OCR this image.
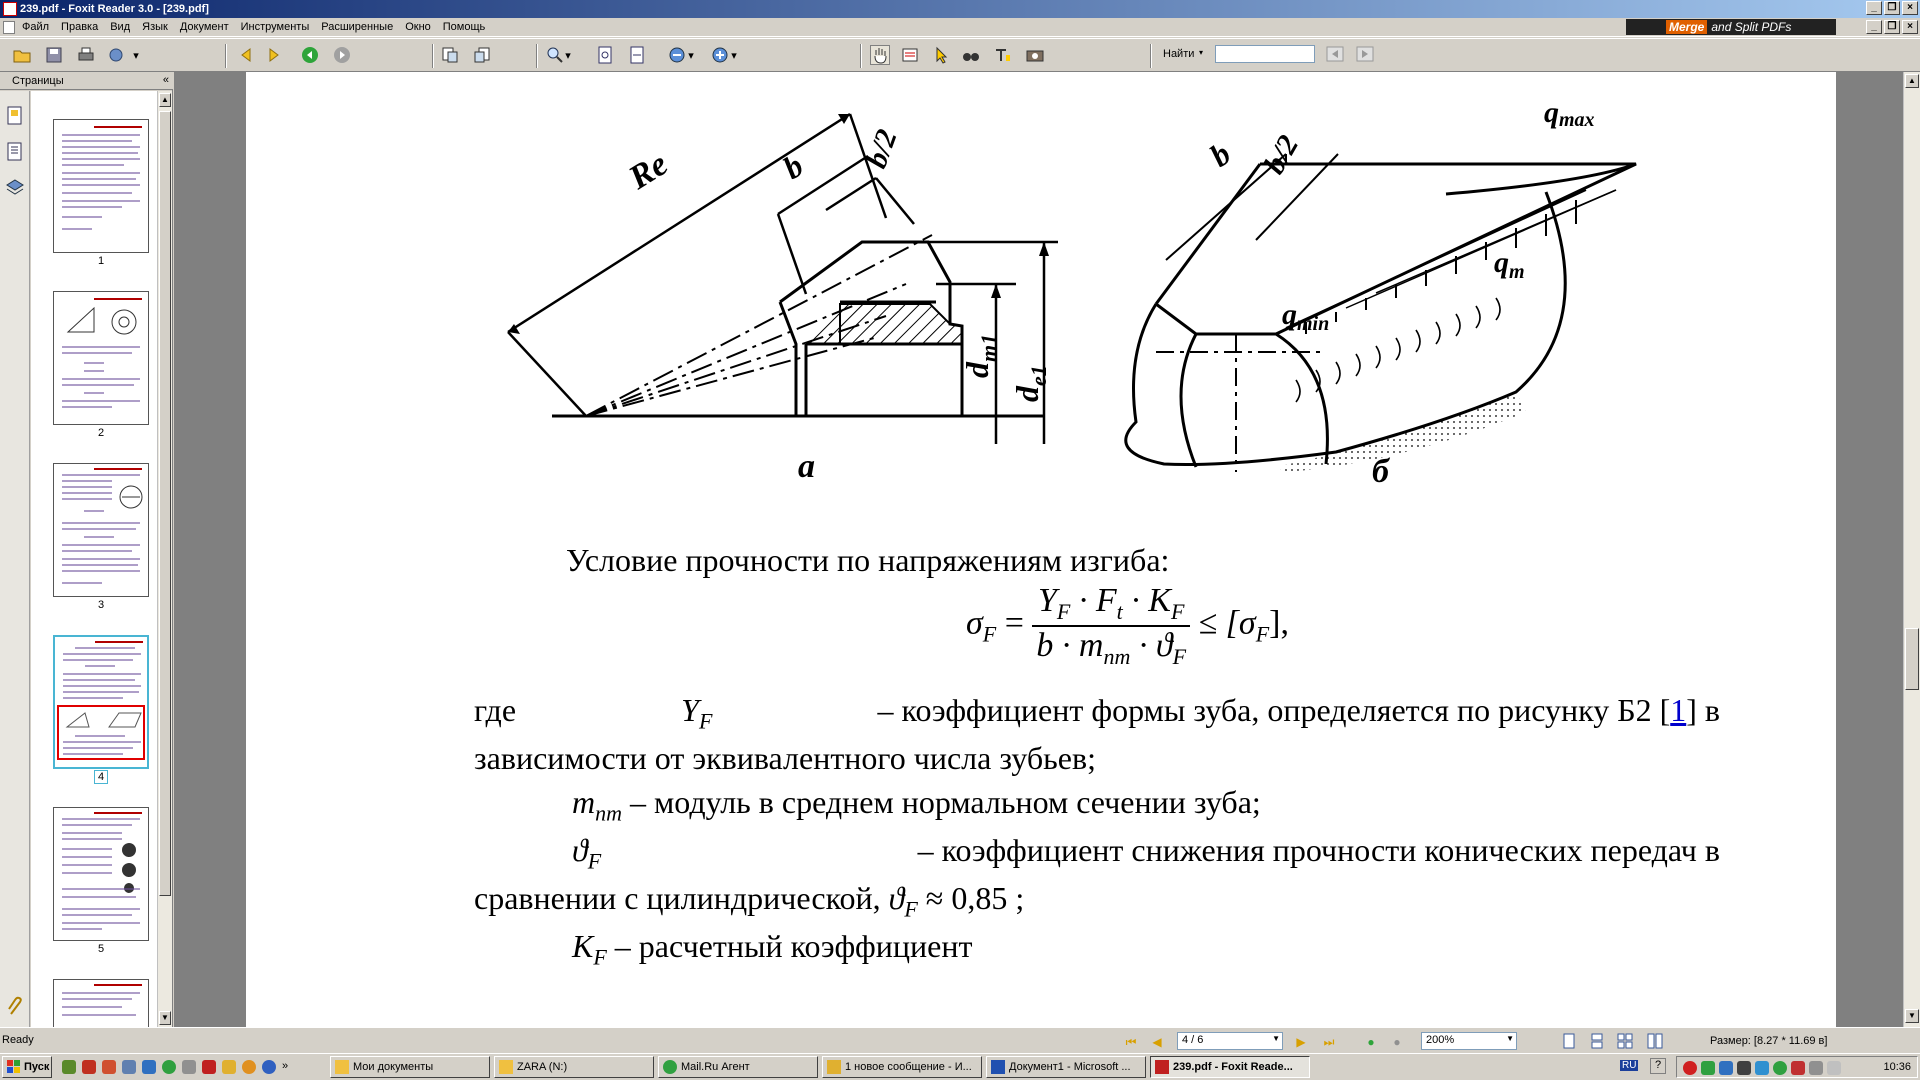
239.pdf - Foxit Reader 3.0 - [239.pdf]	_	❐	×
Файл	Правка	Вид	Язык	Документ	Инструменты	Расширенные	Окно	Помощь	Merge and Split PDFs	_	❐	×
▾	▾	▾	▾	Найти ▾
Страницы	«
1
2
3
4
5
▲
▼
Re	b b/2
$d_{m1}$
$d_{e1}$
а
b b/2
qmax
$q_m$
$q_{min}$
б
Условие прочности по напряжениям изгиба:
$\sigma_F$ =
$Y_F \cdot F_t \cdot K_F$
$b \cdot m_{nm} \cdot ϑ_F$
≤ $[\sigma_F]$,
где	$Y_F$	– коэффициент формы зуба, определяется по рисунку Б2 [1] в
зависимости от эквивалентного числа зубьев;
$m_{nm}$ – модуль в среднем нормальном сечении зуба;
$ϑ_F$	– коэффициент снижения прочности конических передач в
сравнении с цилиндрической, $ϑ_F \approx 0,85$ ;
$K_F$ – расчетный коэффициент
▲
▼
Ready	⏮	◀	4 / 6	▼	▶	⏭	●	●	200%	▼	Размер: [8.27 * 11.69 в]
Пуск	»	Мои документы	ZARA (N:)	Mail.Ru Агент	1 новое сообщение - И...	Документ1 - Microsoft ...	239.pdf - Foxit Reade...	RU	?	10:36
